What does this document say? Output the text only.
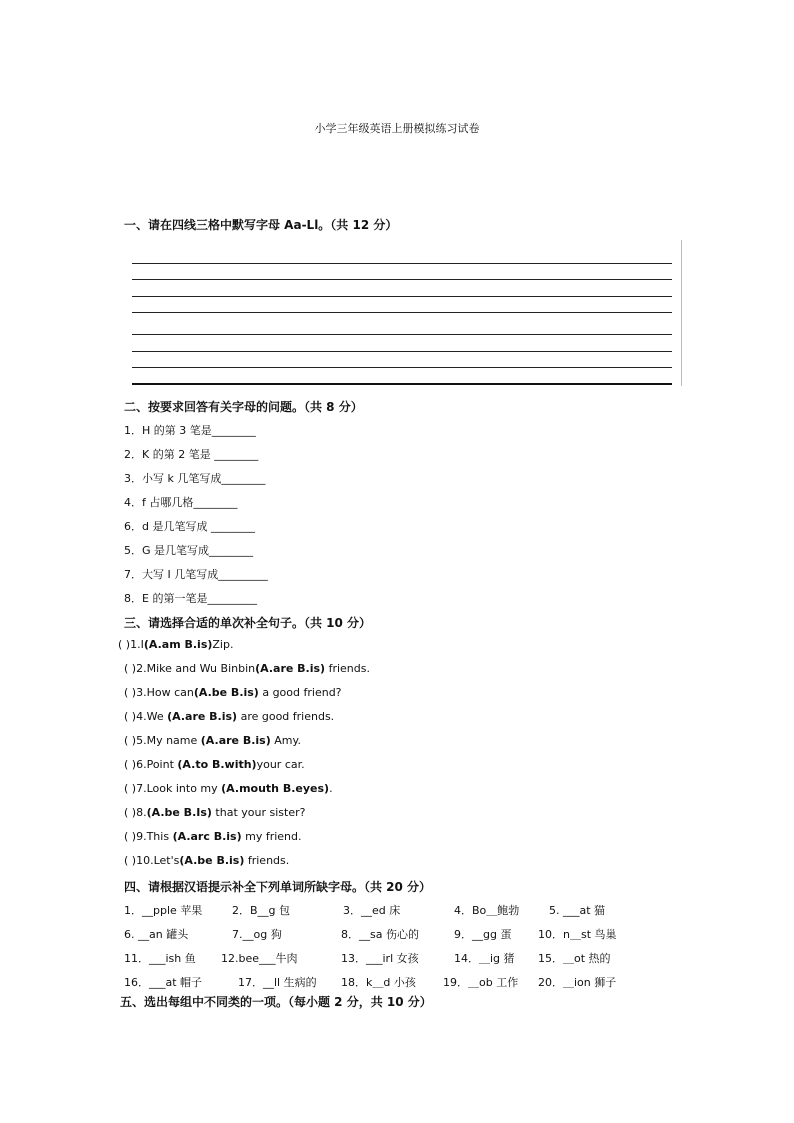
小学三年级英语上册模拟练习试卷
一、请在四线三格中默写字母 Aa-Ll。（共 12 分）
二、按要求回答有关字母的问题。（共 8 分）
1．H 的第 3 笔是________
2．K 的第 2 笔是 ________
3．小写 k 几笔写成________
4．f 占哪几格________
6．d 是几笔写成 ________
5．G 是几笔写成________
7．大写 I 几笔写成_________
8．E 的第一笔是_________
三、请选择合适的单次补全句子。（共 10 分）
( )1.I(A.am B.is)Zip.
( )2.Mike and Wu Binbin(A.are B.is) friends.
( )3.How can(A.be B.is) a good friend?
( )4.We (A.are B.is) are good friends.
( )5.My name (A.are B.is) Amy.
( )6.Point (A.to B.with)your car.
( )7.Look into my (A.mouth B.eyes).
( )8.(A.be B.Is) that your sister?
( )9.This (A.arc B.is) my friend.
( )10.Let's(A.be B.is) friends.
四、请根据汉语提示补全下列单词所缺字母。（共 20 分）
1．__pple 苹果	2．B__g 包	3．__ed 床	4．Bo＿鲍勃	5. ___at 猫
6. __an 罐头	7.__og 狗	8．__sa 伤心的	9．__gg 蛋 10．n＿st 鸟巢
11．___ish 鱼 12.bee___牛肉	13．___irl 女孩	14．＿ig 猪 15．＿ot 热的
16．___at 帽子	17．__ll 生病的 18．k＿d 小孩 19．＿ob 工作 20．＿ion 狮子
五、选出每组中不同类的一项。（每小题 2 分，共 10 分）
